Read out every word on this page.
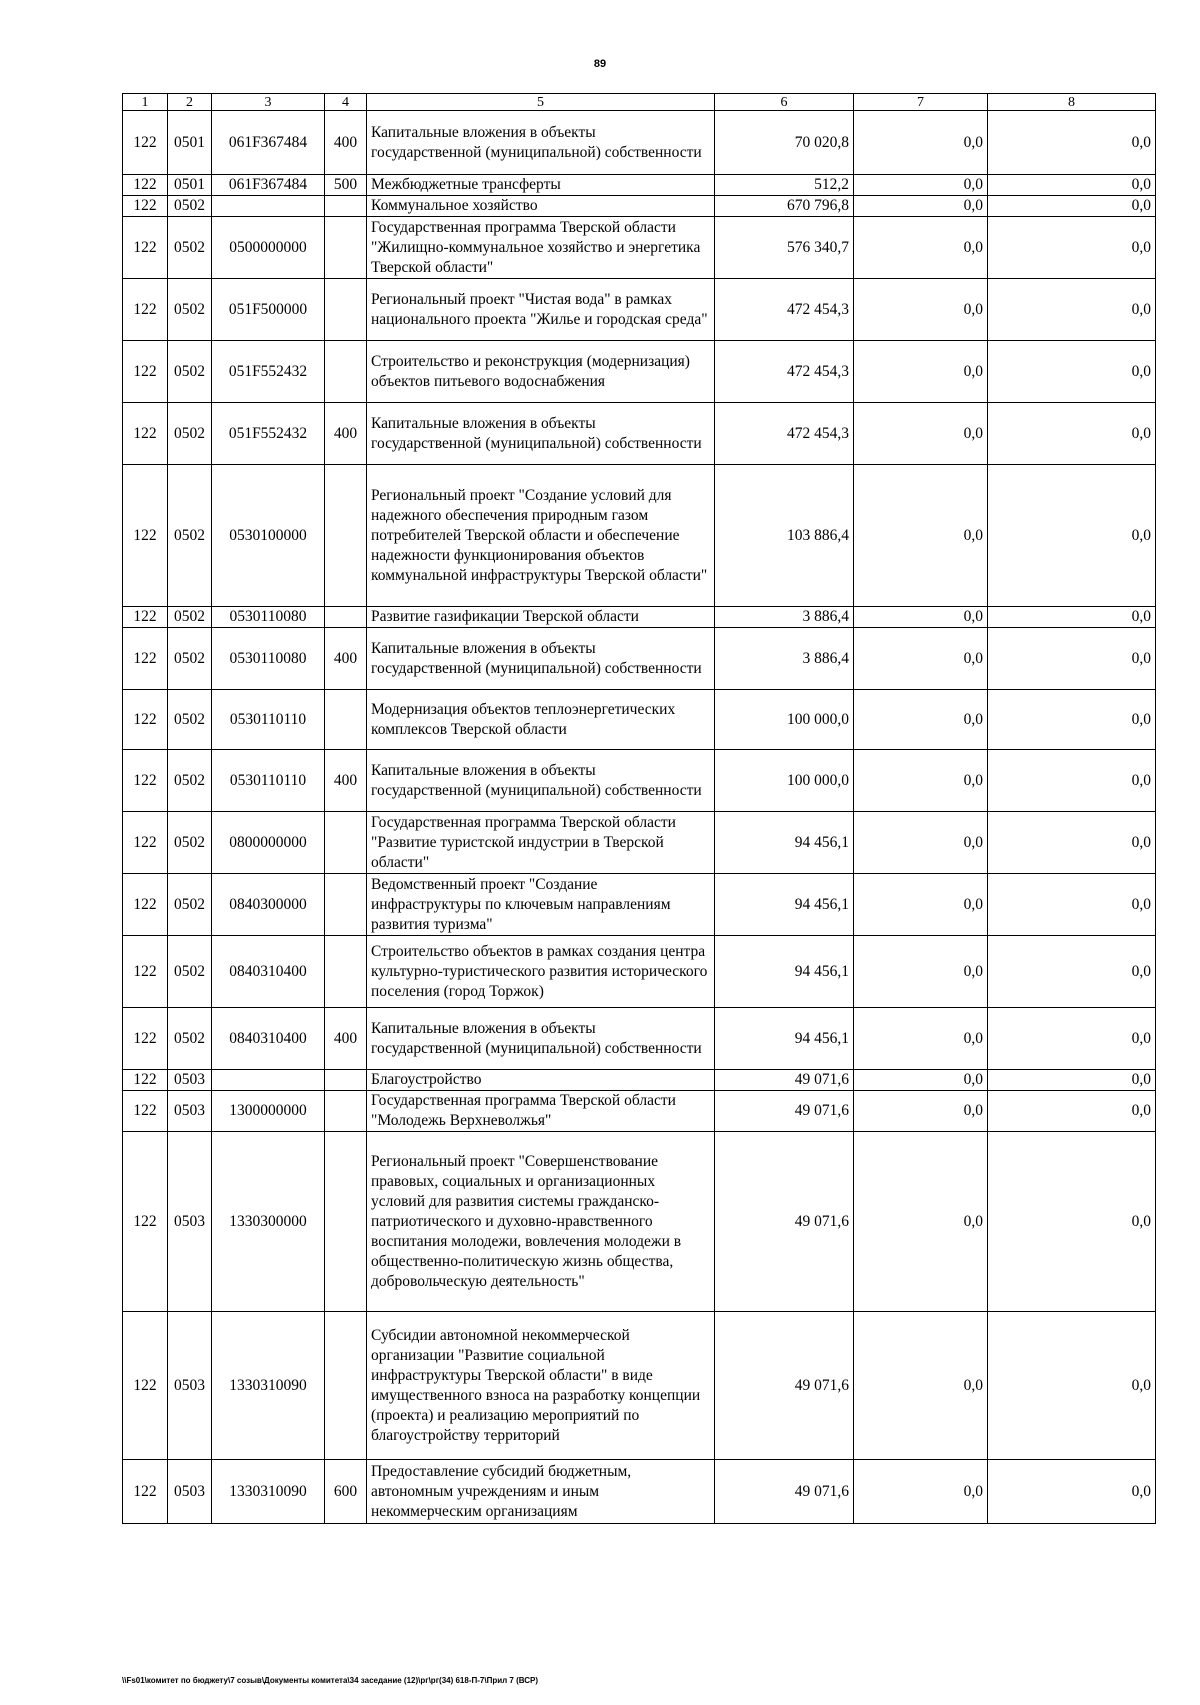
89
1	2	3	4	5	6	7	8
122	0501	061F367484	400	Капитальные вложения в объекты государственной (муниципальной) собственности	70 020,8	0,0	0,0
122	0501	061F367484	500	Межбюджетные трансферты	512,2	0,0	0,0
122	0502			Коммунальное хозяйство	670 796,8	0,0	0,0
122	0502	0500000000		Государственная программа Тверской области "Жилищно-коммунальное хозяйство и энергетика Тверской области"	576 340,7	0,0	0,0
122	0502	051F500000		Региональный проект "Чистая вода" в рамках национального проекта "Жилье и городская среда"	472 454,3	0,0	0,0
122	0502	051F552432		Строительство и реконструкция (модернизация) объектов питьевого водоснабжения	472 454,3	0,0	0,0
122	0502	051F552432	400	Капитальные вложения в объекты государственной (муниципальной) собственности	472 454,3	0,0	0,0
122	0502	0530100000		Региональный проект "Создание условий для надежного обеспечения природным газом потребителей Тверской области и обеспечение надежности функционирования объектов коммунальной инфраструктуры Тверской области"	103 886,4	0,0	0,0
122	0502	0530110080		Развитие газификации Тверской области	3 886,4	0,0	0,0
122	0502	0530110080	400	Капитальные вложения в объекты государственной (муниципальной) собственности	3 886,4	0,0	0,0
122	0502	0530110110		Модернизация объектов теплоэнергетических комплексов Тверской области	100 000,0	0,0	0,0
122	0502	0530110110	400	Капитальные вложения в объекты государственной (муниципальной) собственности	100 000,0	0,0	0,0
122	0502	0800000000		Государственная программа Тверской области "Развитие туристской индустрии в Тверской области"	94 456,1	0,0	0,0
122	0502	0840300000		Ведомственный проект "Создание инфраструктуры по ключевым направлениям развития туризма"	94 456,1	0,0	0,0
122	0502	0840310400		Строительство объектов в рамках создания центра культурно-туристического развития исторического поселения (город Торжок)	94 456,1	0,0	0,0
122	0502	0840310400	400	Капитальные вложения в объекты государственной (муниципальной) собственности	94 456,1	0,0	0,0
122	0503			Благоустройство	49 071,6	0,0	0,0
122	0503	1300000000		Государственная программа Тверской области "Молодежь Верхневолжья"	49 071,6	0,0	0,0
122	0503	1330300000		Региональный проект "Совершенствование правовых, социальных и организационных условий для развития системы гражданско-патриотического и духовно-нравственного воспитания молодежи, вовлечения молодежи в общественно-политическую жизнь общества, добровольческую деятельность"	49 071,6	0,0	0,0
122	0503	1330310090		Субсидии автономной некоммерческой организации "Развитие социальной инфраструктуры Тверской области" в виде имущественного взноса на разработку концепции (проекта) и реализацию мероприятий по благоустройству территорий	49 071,6	0,0	0,0
122	0503	1330310090	600	Предоставление субсидий бюджетным, автономным учреждениям и иным некоммерческим организациям	49 071,6	0,0	0,0
\\Fs01\комитет по бюджету\7 созыв\Документы комитета\34 заседание (12)\рг\рг(34) 618-П-7\Прил 7 (ВСР)
